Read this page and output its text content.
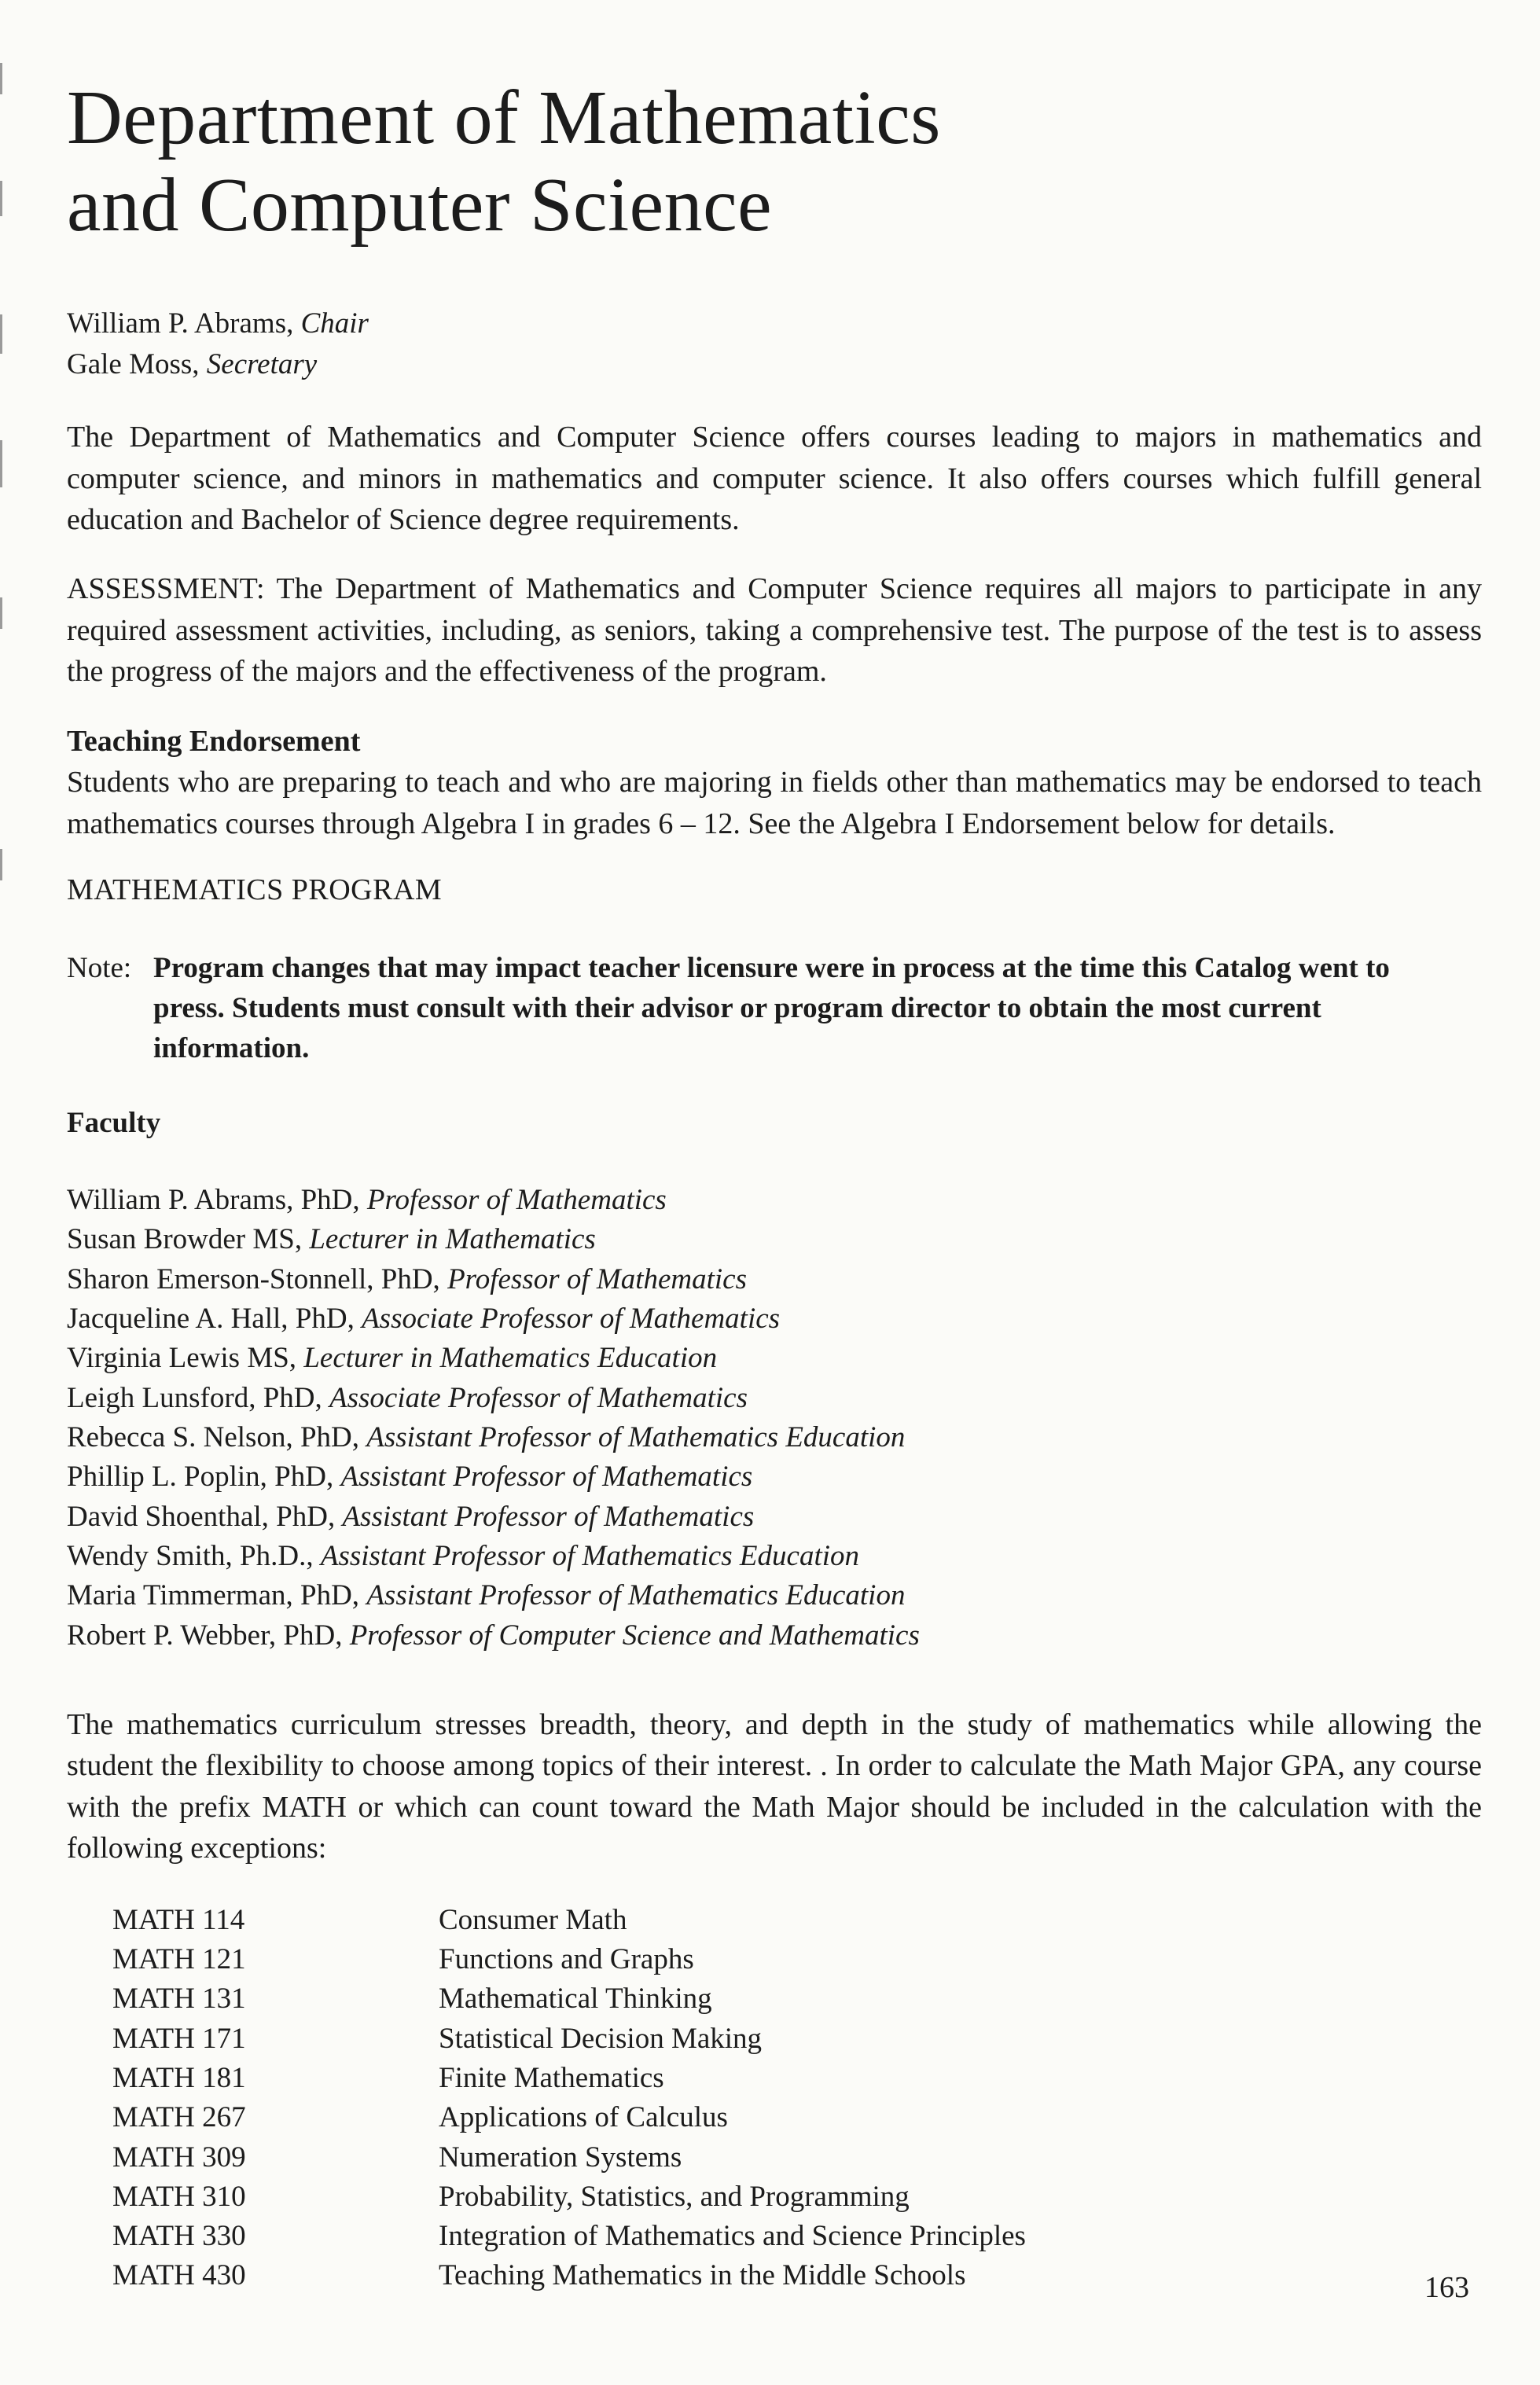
Department of Mathematics
and Computer Science
William P. Abrams, Chair
Gale Moss, Secretary

The Department of Mathematics and Computer Science offers courses leading to majors in mathematics and computer science, and minors in mathematics and computer science. It also offers courses which fulfill general education and Bachelor of Science degree requirements.

ASSESSMENT: The Department of Mathematics and Computer Science requires all majors to participate in any required assessment activities, including, as seniors, taking a comprehensive test. The purpose of the test is to assess the progress of the majors and the effectiveness of the program.

Teaching Endorsement

Students who are preparing to teach and who are majoring in fields other than mathematics may be endorsed to teach mathematics courses through Algebra I in grades 6 – 12. See the Algebra I Endorsement below for details.

MATHEMATICS PROGRAM
Note: Program changes that may impact teacher licensure were in process at the time this Catalog went to press. Students must consult with their advisor or program director to obtain the most current information.
Faculty
William P. Abrams, PhD, Professor of Mathematics
Susan Browder MS, Lecturer in Mathematics
Sharon Emerson-Stonnell, PhD, Professor of Mathematics
Jacqueline A. Hall, PhD, Associate Professor of Mathematics
Virginia Lewis MS, Lecturer in Mathematics Education
Leigh Lunsford, PhD, Associate Professor of Mathematics
Rebecca S. Nelson, PhD, Assistant Professor of Mathematics Education
Phillip L. Poplin, PhD, Assistant Professor of Mathematics
David Shoenthal, PhD, Assistant Professor of Mathematics
Wendy Smith, Ph.D., Assistant Professor of Mathematics Education
Maria Timmerman, PhD, Assistant Professor of Mathematics Education
Robert P. Webber, PhD, Professor of Computer Science and Mathematics

The mathematics curriculum stresses breadth, theory, and depth in the study of mathematics while allowing the student the flexibility to choose among topics of their interest. . In order to calculate the Math Major GPA, any course with the prefix MATH or which can count toward the Math Major should be included in the calculation with the following exceptions:

MATH 114	Consumer Math
MATH 121	Functions and Graphs
MATH 131	Mathematical Thinking
MATH 171	Statistical Decision Making
MATH 181	Finite Mathematics
MATH 267	Applications of Calculus
MATH 309	Numeration Systems
MATH 310	Probability, Statistics, and Programming
MATH 330	Integration of Mathematics and Science Principles
MATH 430	Teaching Mathematics in the Middle Schools	163
